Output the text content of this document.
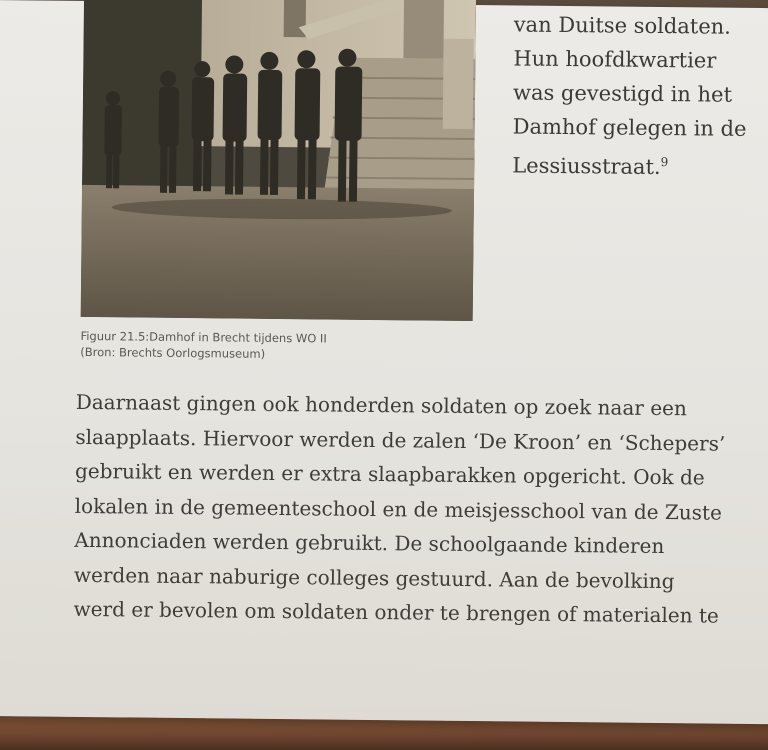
Figuur 21.5:Damhof in Brecht tijdens WO II
(Bron: Brechts Oorlogsmuseum)
van Duitse soldaten.
Hun hoofdkwartier
was gevestigd in het
Damhof gelegen in de
Lessiusstraat.$^9$
Daarnaast gingen ook honderden soldaten op zoek naar een
slaapplaats. Hiervoor werden de zalen ‘De Kroon’ en ‘Schepers’
gebruikt en werden er extra slaapbarakken opgericht. Ook de
lokalen in de gemeenteschool en de meisjesschool van de Zuste
Annonciaden werden gebruikt. De schoolgaande kinderen
werden naar naburige colleges gestuurd. Aan de bevolking
werd er bevolen om soldaten onder te brengen of materialen te
